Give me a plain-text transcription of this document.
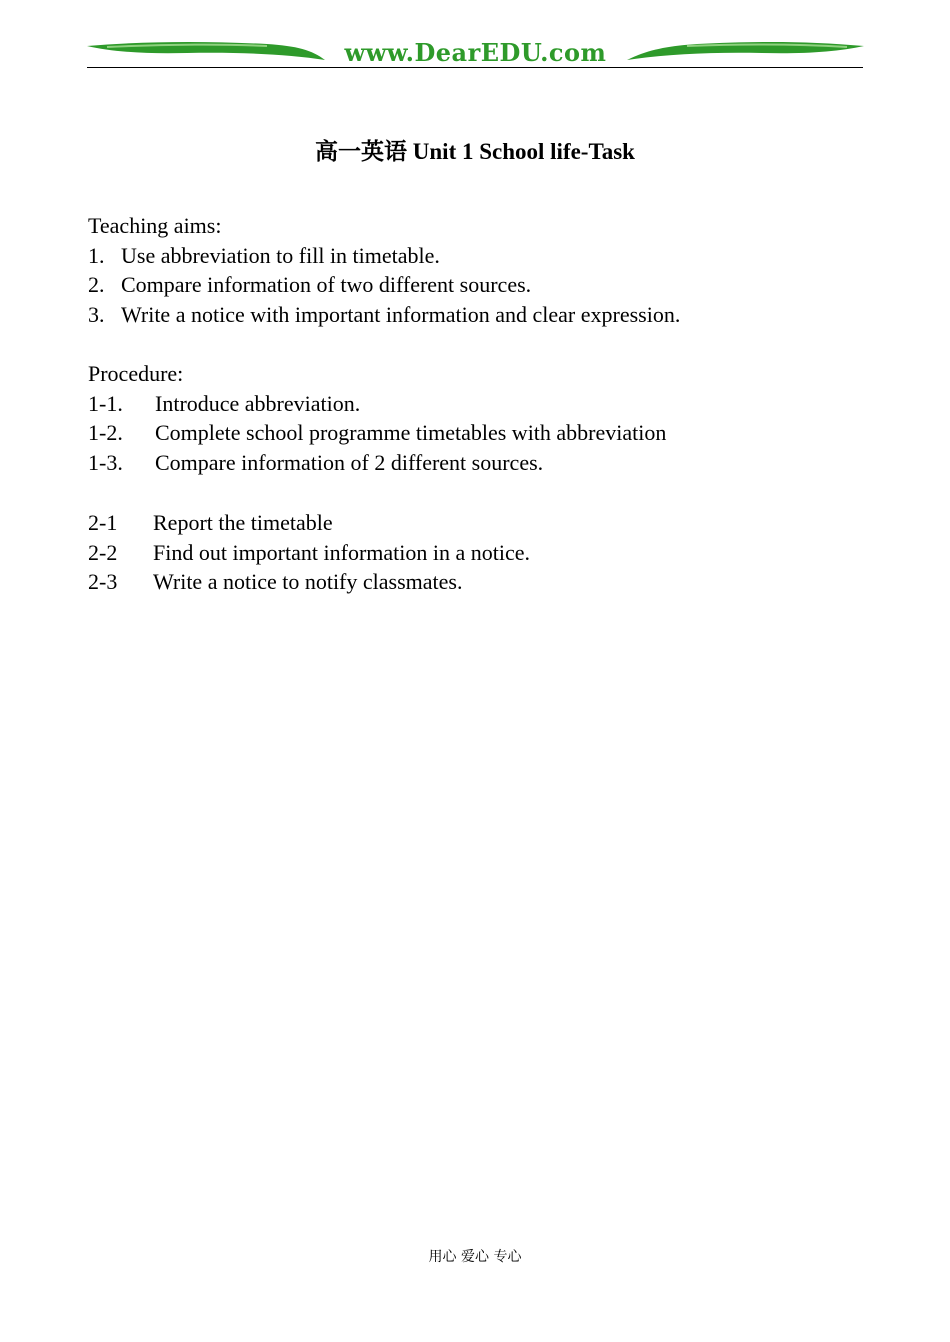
www.DearEDU.com
高一英语 Unit 1 School life-Task
Teaching aims:
1. Use abbreviation to fill in timetable.
2. Compare information of two different sources.
3. Write a notice with important information and clear expression.
Procedure:
1-1.	Introduce abbreviation.
1-2.	Complete school programme timetables with abbreviation
1-3.	Compare information of 2 different sources.
2-1	Report the timetable
2-2	Find out important information in a notice.
2-3	Write a notice to notify classmates.
用心 爱心 专心
